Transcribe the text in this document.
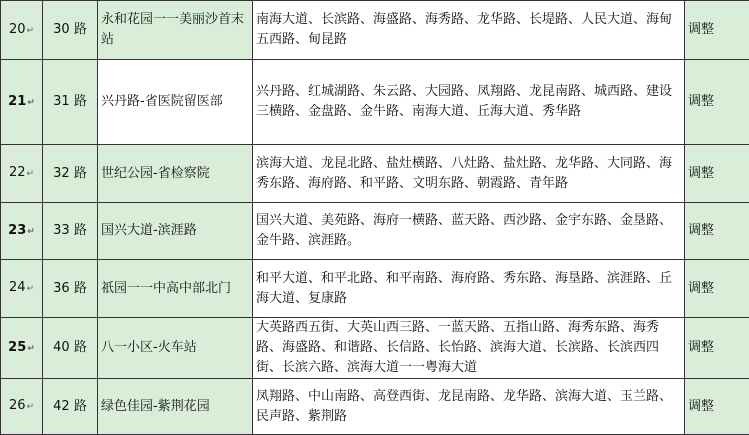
20↵	30 路	永和花园一一美丽沙首末站	南海大道、长滨路、海盛路、海秀路、龙华路、长堤路、人民大道、海甸五西路、甸昆路	调整
21↵	31 路	兴丹路-省医院留医部	兴丹路、红城湖路、朱云路、大园路、凤翔路、龙昆南路、城西路、建设三横路、金盘路、金牛路、南海大道、丘海大道、秀华路	调整
22↵	32 路	世纪公园-省检察院	滨海大道、龙昆北路、盐灶横路、八灶路、盐灶路、龙华路、大同路、海秀东路、海府路、和平路、文明东路、朝霞路、青年路	调整
23↵	33 路	国兴大道-滨涯路	国兴大道、美苑路、海府一横路、蓝天路、西沙路、金宇东路、金垦路、金牛路、滨涯路。	调整
24↵	36 路	祇园一一中高中部北门	和平大道、和平北路、和平南路、海府路、秀东路、海垦路、滨涯路、丘海大道、复康路	调整
25↵	40 路	八一小区-火车站	大英路西五街、大英山西三路、一蓝天路、五指山路、海秀东路、海秀路、海盛路、和谐路、长信路、长怡路、滨海大道、长滨路、长滨西四街、长滨六路、滨海大道一一粤海大道	调整
26↵	42 路	绿色佳园-紫荆花园	凤翔路、中山南路、高登西街、龙昆南路、龙华路、滨海大道、玉兰路、民声路、紫荆路	调整
